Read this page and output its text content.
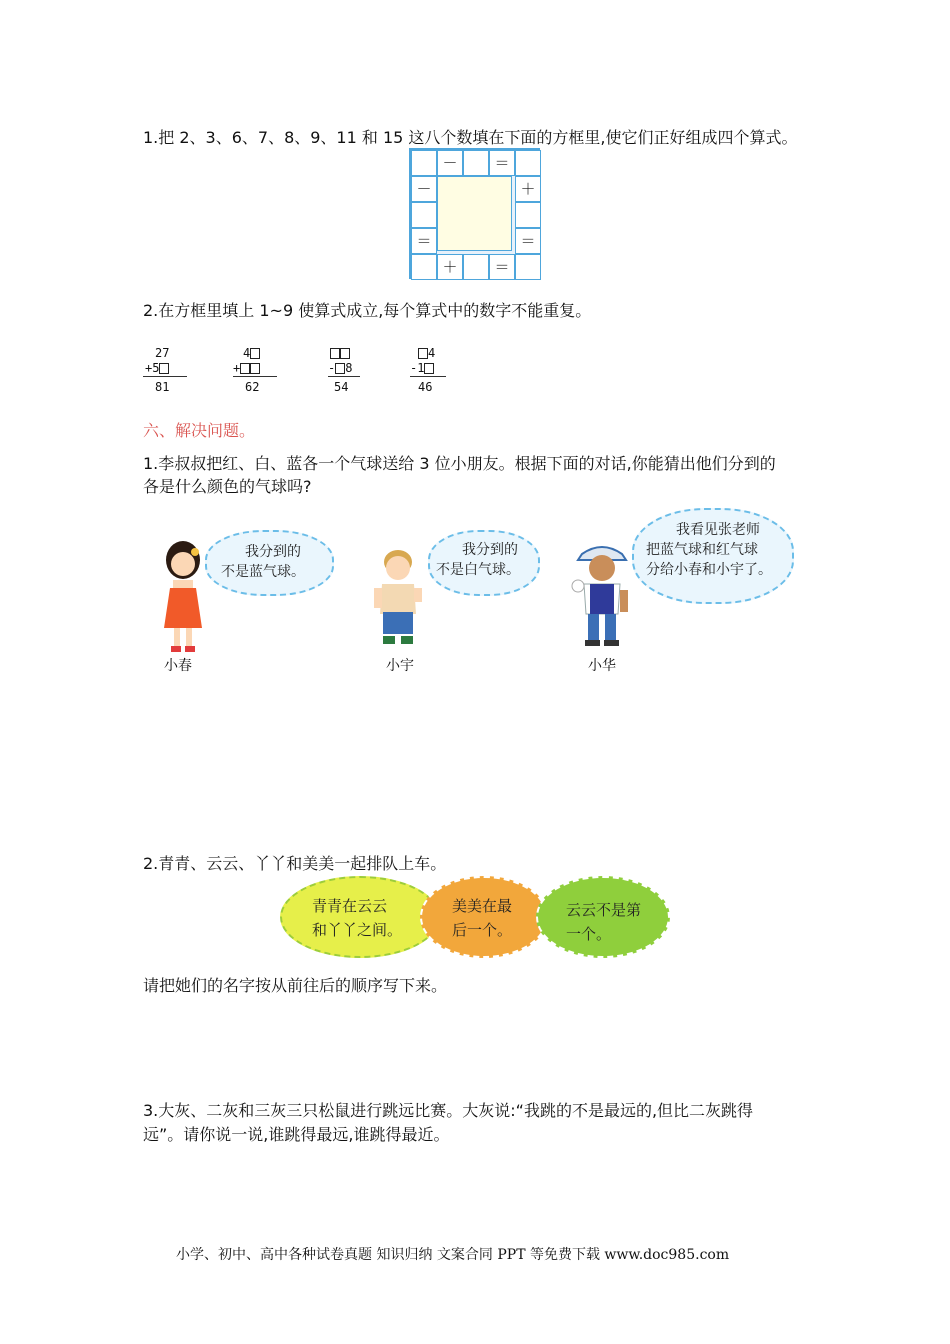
1.把 2、3、6、7、8、9、11 和 15 这八个数填在下面的方框里,使它们正好组成四个算式。
－	＝
－
＝
＋
＝
＋	＝
2.在方框里填上 1~9 使算式成立,每个算式中的数字不能重复。
27
+5
81
4
+
62
- 8
54
4
-1
46
六、解决问题。
1.李叔叔把红、白、蓝各一个气球送给 3 位小朋友。根据下面的对话,你能猜出他们分到的
各是什么颜色的气球吗?
我分到的
不是蓝气球。
小春
我分到的
不是白气球。
小宇
我看见张老师
把蓝气球和红气球
分给小春和小宇了。
小华
2.青青、云云、丫丫和美美一起排队上车。
青青在云云
和丫丫之间。
美美在最
后一个。
云云不是第
一个。
请把她们的名字按从前往后的顺序写下来。
3.大灰、二灰和三灰三只松鼠进行跳远比赛。大灰说:“我跳的不是最远的,但比二灰跳得
远”。请你说一说,谁跳得最远,谁跳得最近。
小学、初中、高中各种试卷真题 知识归纳 文案合同 PPT 等免费下载 www.doc985.com
